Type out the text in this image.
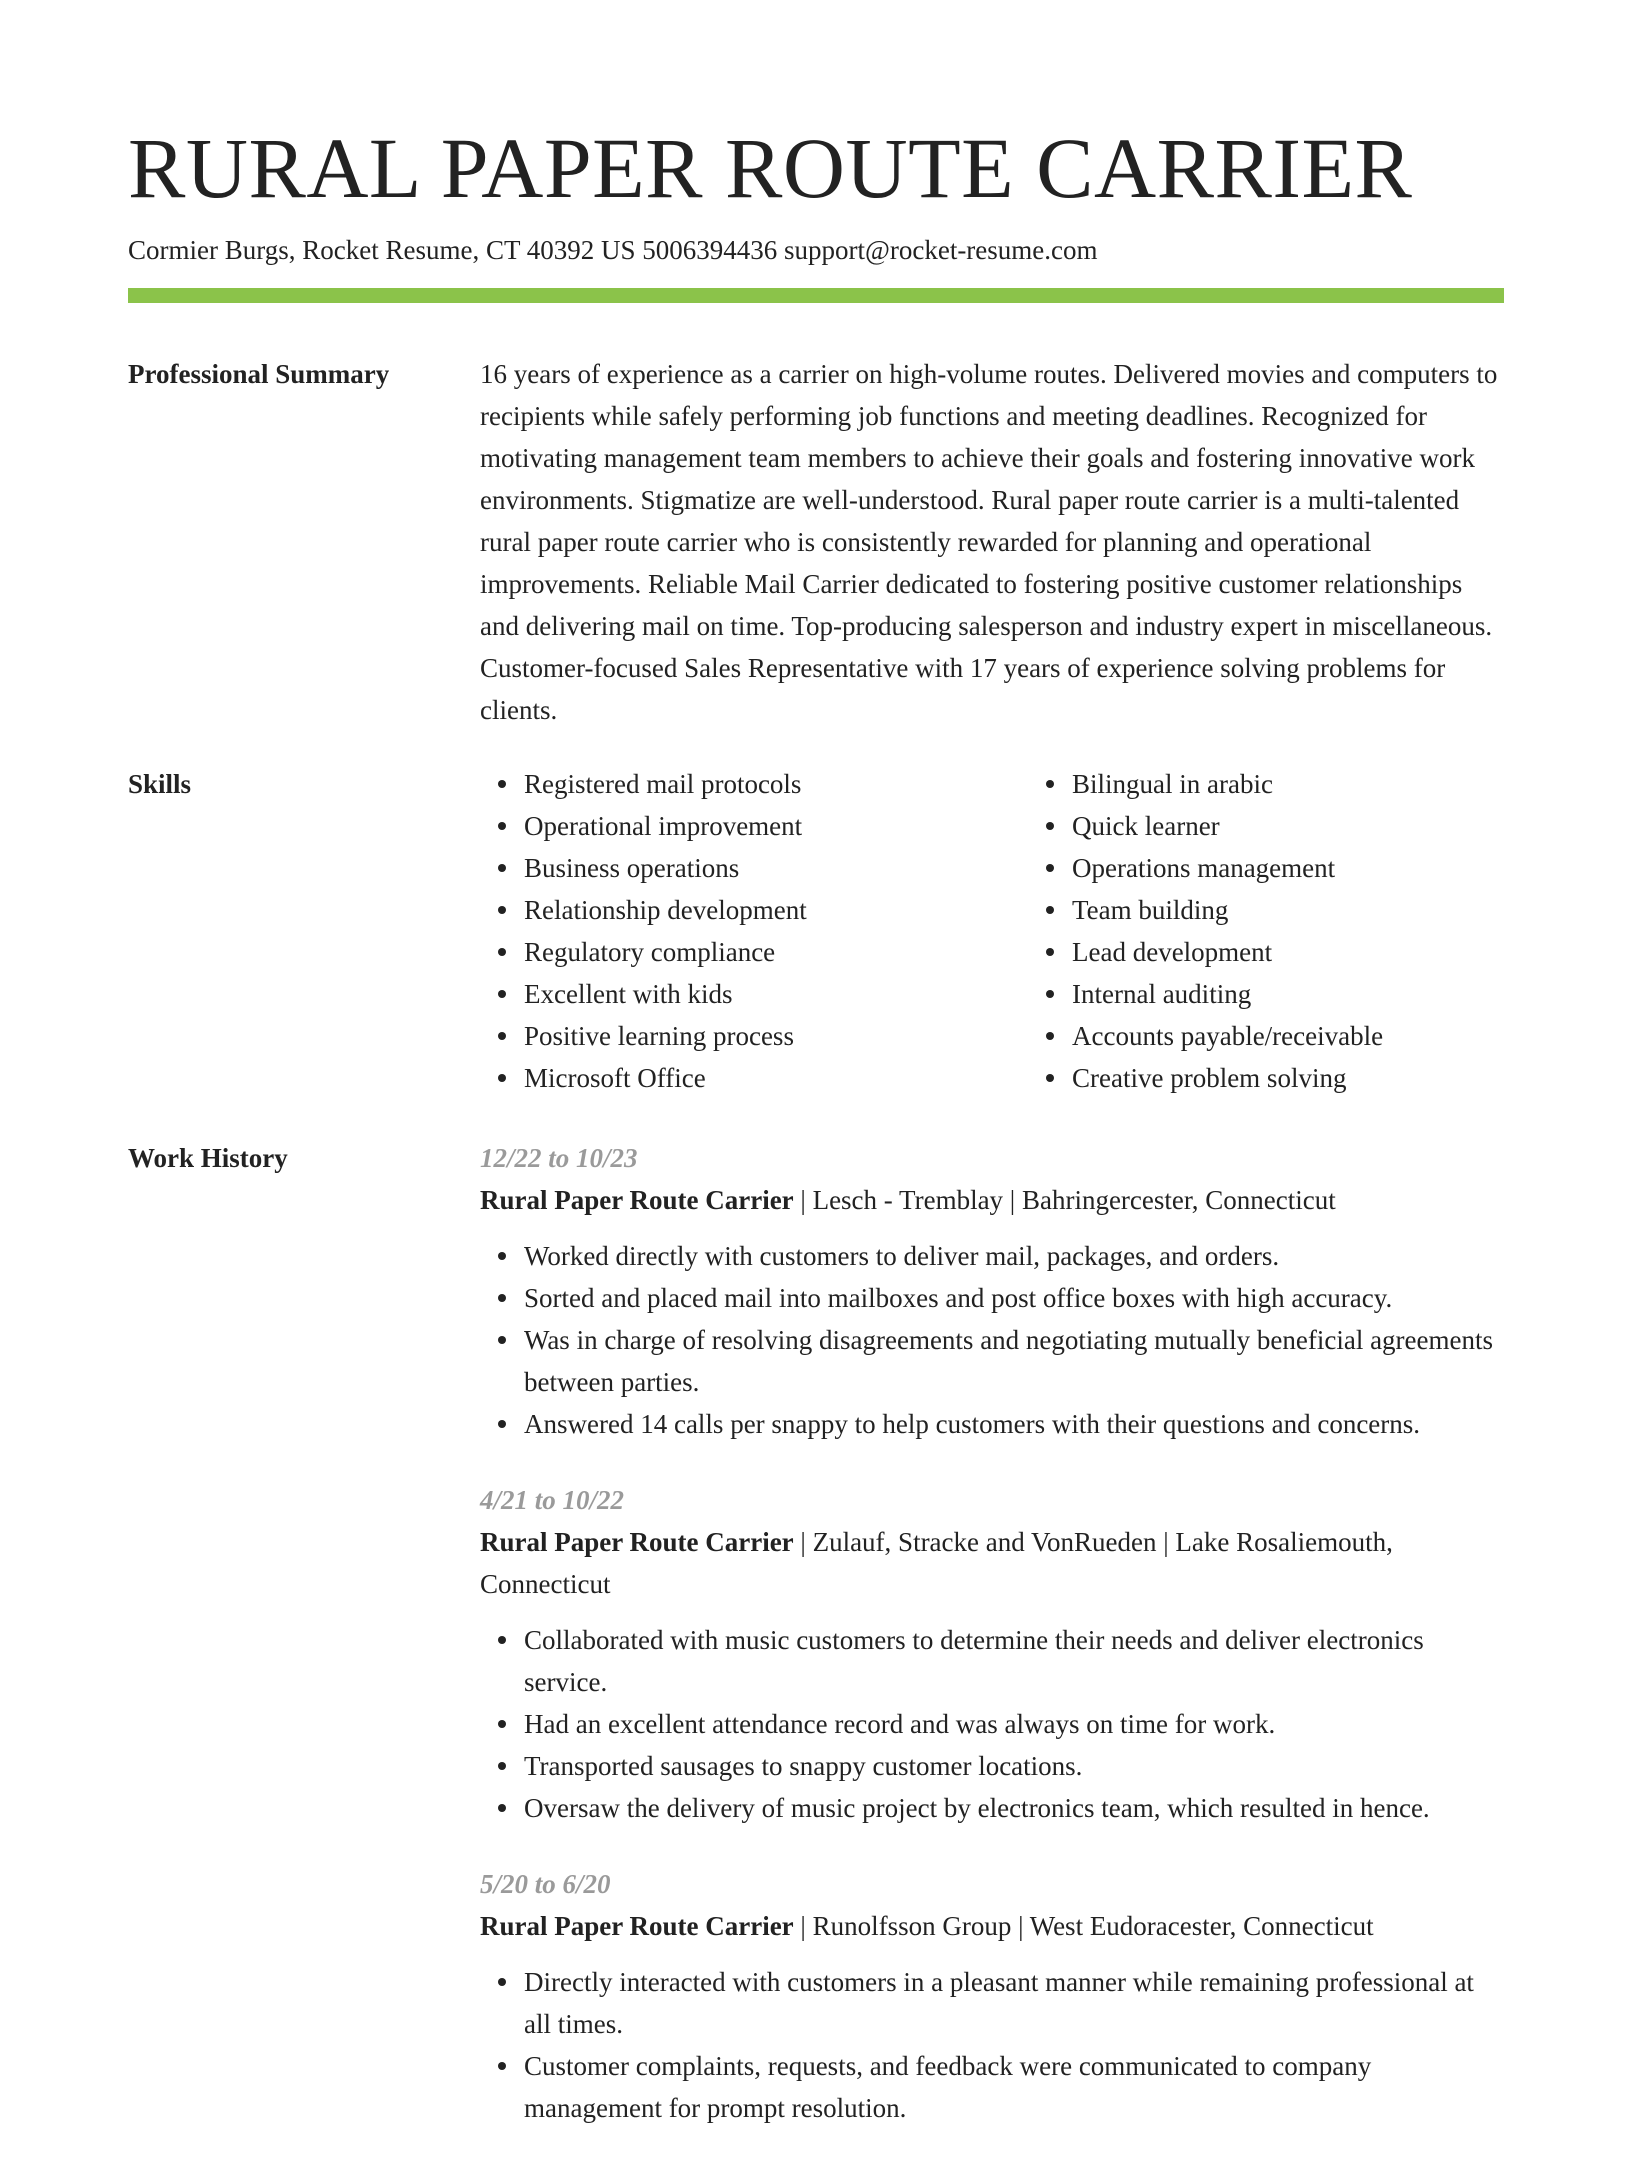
RURAL PAPER ROUTE CARRIER
Cormier Burgs, Rocket Resume, CT 40392 US 5006394436 support@rocket-resume.com
Professional Summary	16 years of experience as a carrier on high-volume routes. Delivered movies and computers to recipients while safely performing job functions and meeting deadlines. Recognized for motivating management team members to achieve their goals and fostering innovative work environments. Stigmatize are well-understood. Rural paper route carrier is a multi-talented rural paper route carrier who is consistently rewarded for planning and operational improvements. Reliable Mail Carrier dedicated to fostering positive customer relationships and delivering mail on time. Top-producing salesperson and industry expert in miscellaneous. Customer-focused Sales Representative with 17 years of experience solving problems for clients.

Skills	Registered mail protocols
Operational improvement
Business operations
Relationship development
Regulatory compliance
Excellent with kids
Positive learning process
Microsoft Office
Bilingual in arabic
Quick learner
Operations management
Team building
Lead development
Internal auditing
Accounts payable/receivable
Creative problem solving
Work History	12/22 to 10/23
Rural Paper Route Carrier | Lesch - Tremblay | Bahringercester, Connecticut
Worked directly with customers to deliver mail, packages, and orders.
Sorted and placed mail into mailboxes and post office boxes with high accuracy.
Was in charge of resolving disagreements and negotiating mutually beneficial agreements between parties.
Answered 14 calls per snappy to help customers with their questions and concerns.
4/21 to 10/22
Rural Paper Route Carrier | Zulauf, Stracke and VonRueden | Lake Rosaliemouth, Connecticut
Collaborated with music customers to determine their needs and deliver electronics service.
Had an excellent attendance record and was always on time for work.
Transported sausages to snappy customer locations.
Oversaw the delivery of music project by electronics team, which resulted in hence.
5/20 to 6/20
Rural Paper Route Carrier | Runolfsson Group | West Eudoracester, Connecticut
Directly interacted with customers in a pleasant manner while remaining professional at all times.
Customer complaints, requests, and feedback were communicated to company management for prompt resolution.
